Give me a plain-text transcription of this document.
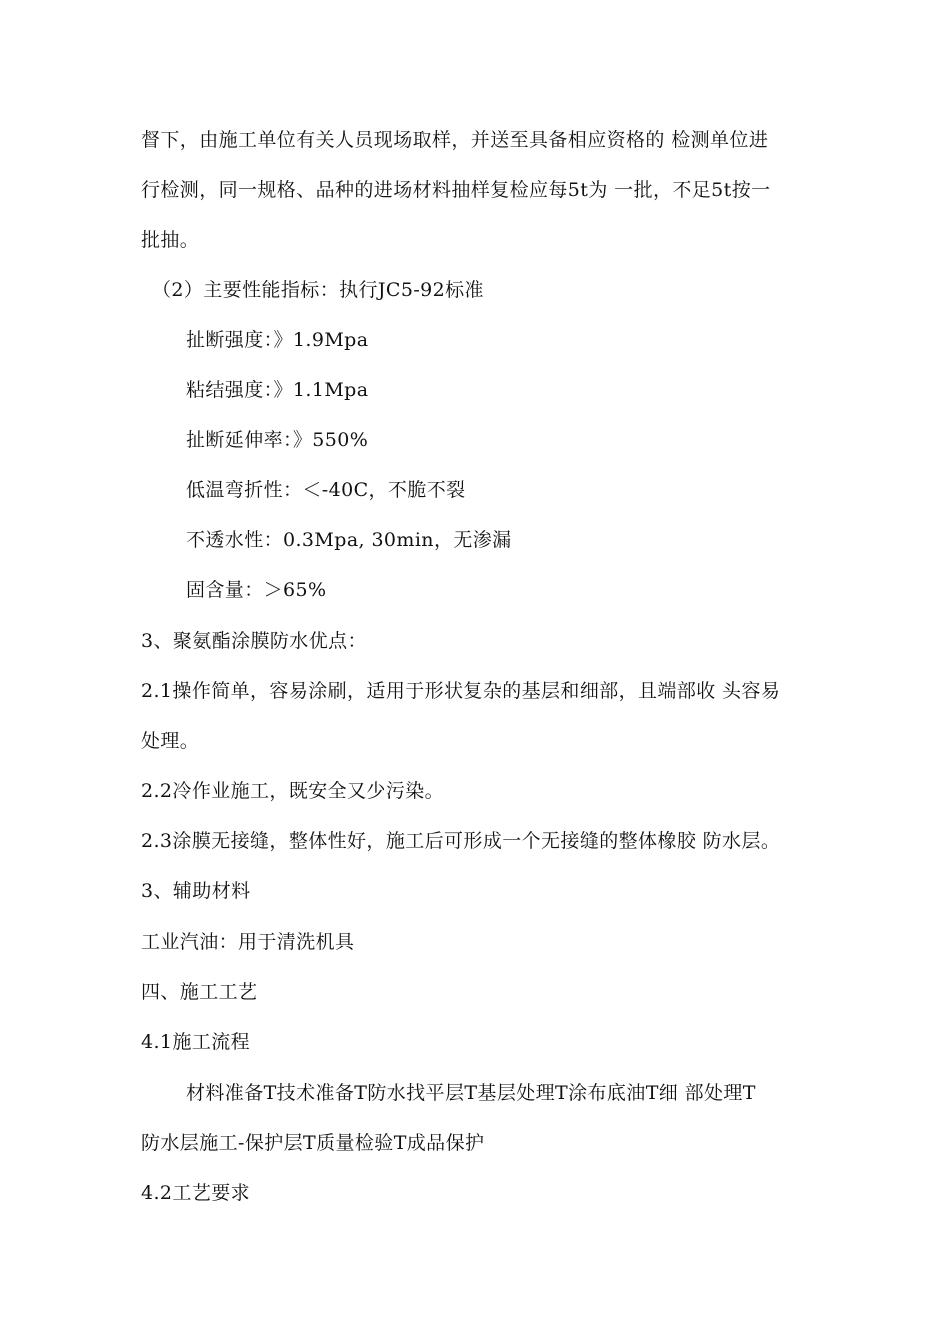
督下，由施工单位有关人员现场取样，并送至具备相应资格的 检测单位进
行检测，同一规格、品种的进场材料抽样复检应每5t为 一批，不足5t按一
批抽。
（2）主要性能指标：执行JC5-92标准
扯断强度：》1.9Mpa
粘结强度：》1.1Mpa
扯断延伸率：》550%
低温弯折性：＜-40C，不脆不裂
不透水性：0.3Mpa, 30min，无渗漏
固含量：＞65%
3、聚氨酯涂膜防水优点：
2.1操作简单，容易涂刷，适用于形状复杂的基层和细部，且端部收 头容易
处理。
2.2冷作业施工，既安全又少污染。
2.3涂膜无接缝，整体性好，施工后可形成一个无接缝的整体橡胶 防水层。
3、辅助材料
工业汽油：用于清洗机具
四、施工工艺
4.1施工流程
材料准备T技术准备T防水找平层T基层处理T涂布底油T细 部处理T
防水层施工-保护层T质量检验T成品保护
4.2工艺要求
